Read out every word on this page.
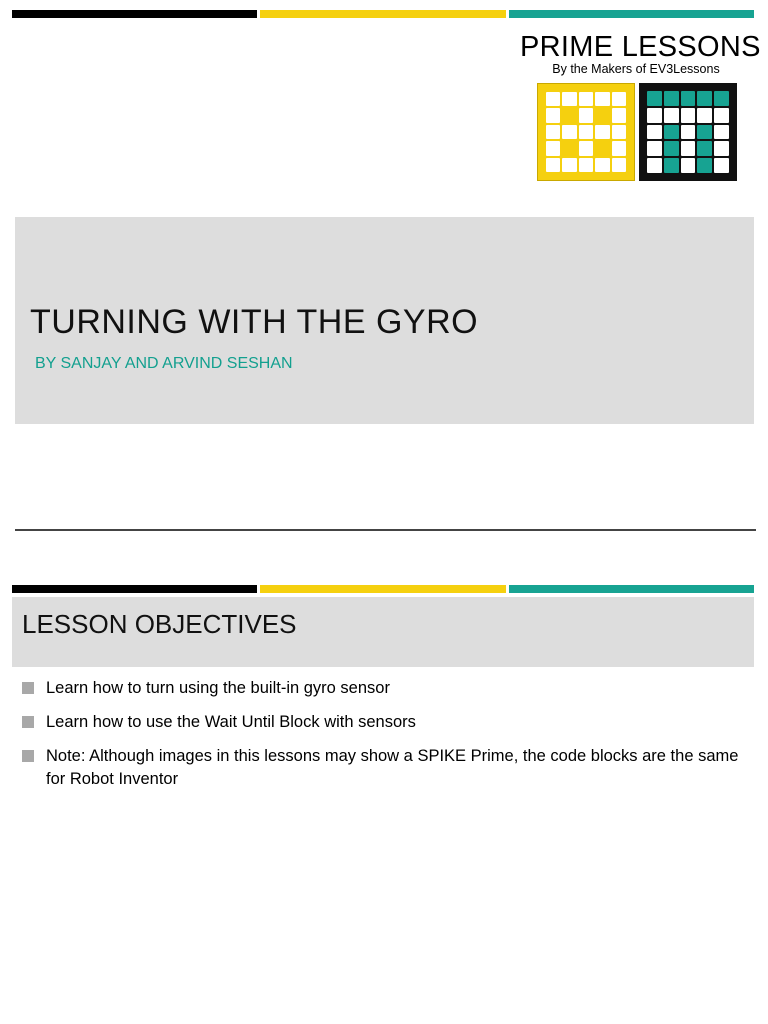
PRIME LESSONS
By the Makers of EV3Lessons
TURNING WITH THE GYRO
BY SANJAY AND ARVIND SESHAN
LESSON OBJECTIVES
Learn how to turn using the built-in gyro sensor
Learn how to use the Wait Until Block with sensors
Note: Although images in this lessons may show a SPIKE Prime, the code blocks are the same for Robot Inventor
